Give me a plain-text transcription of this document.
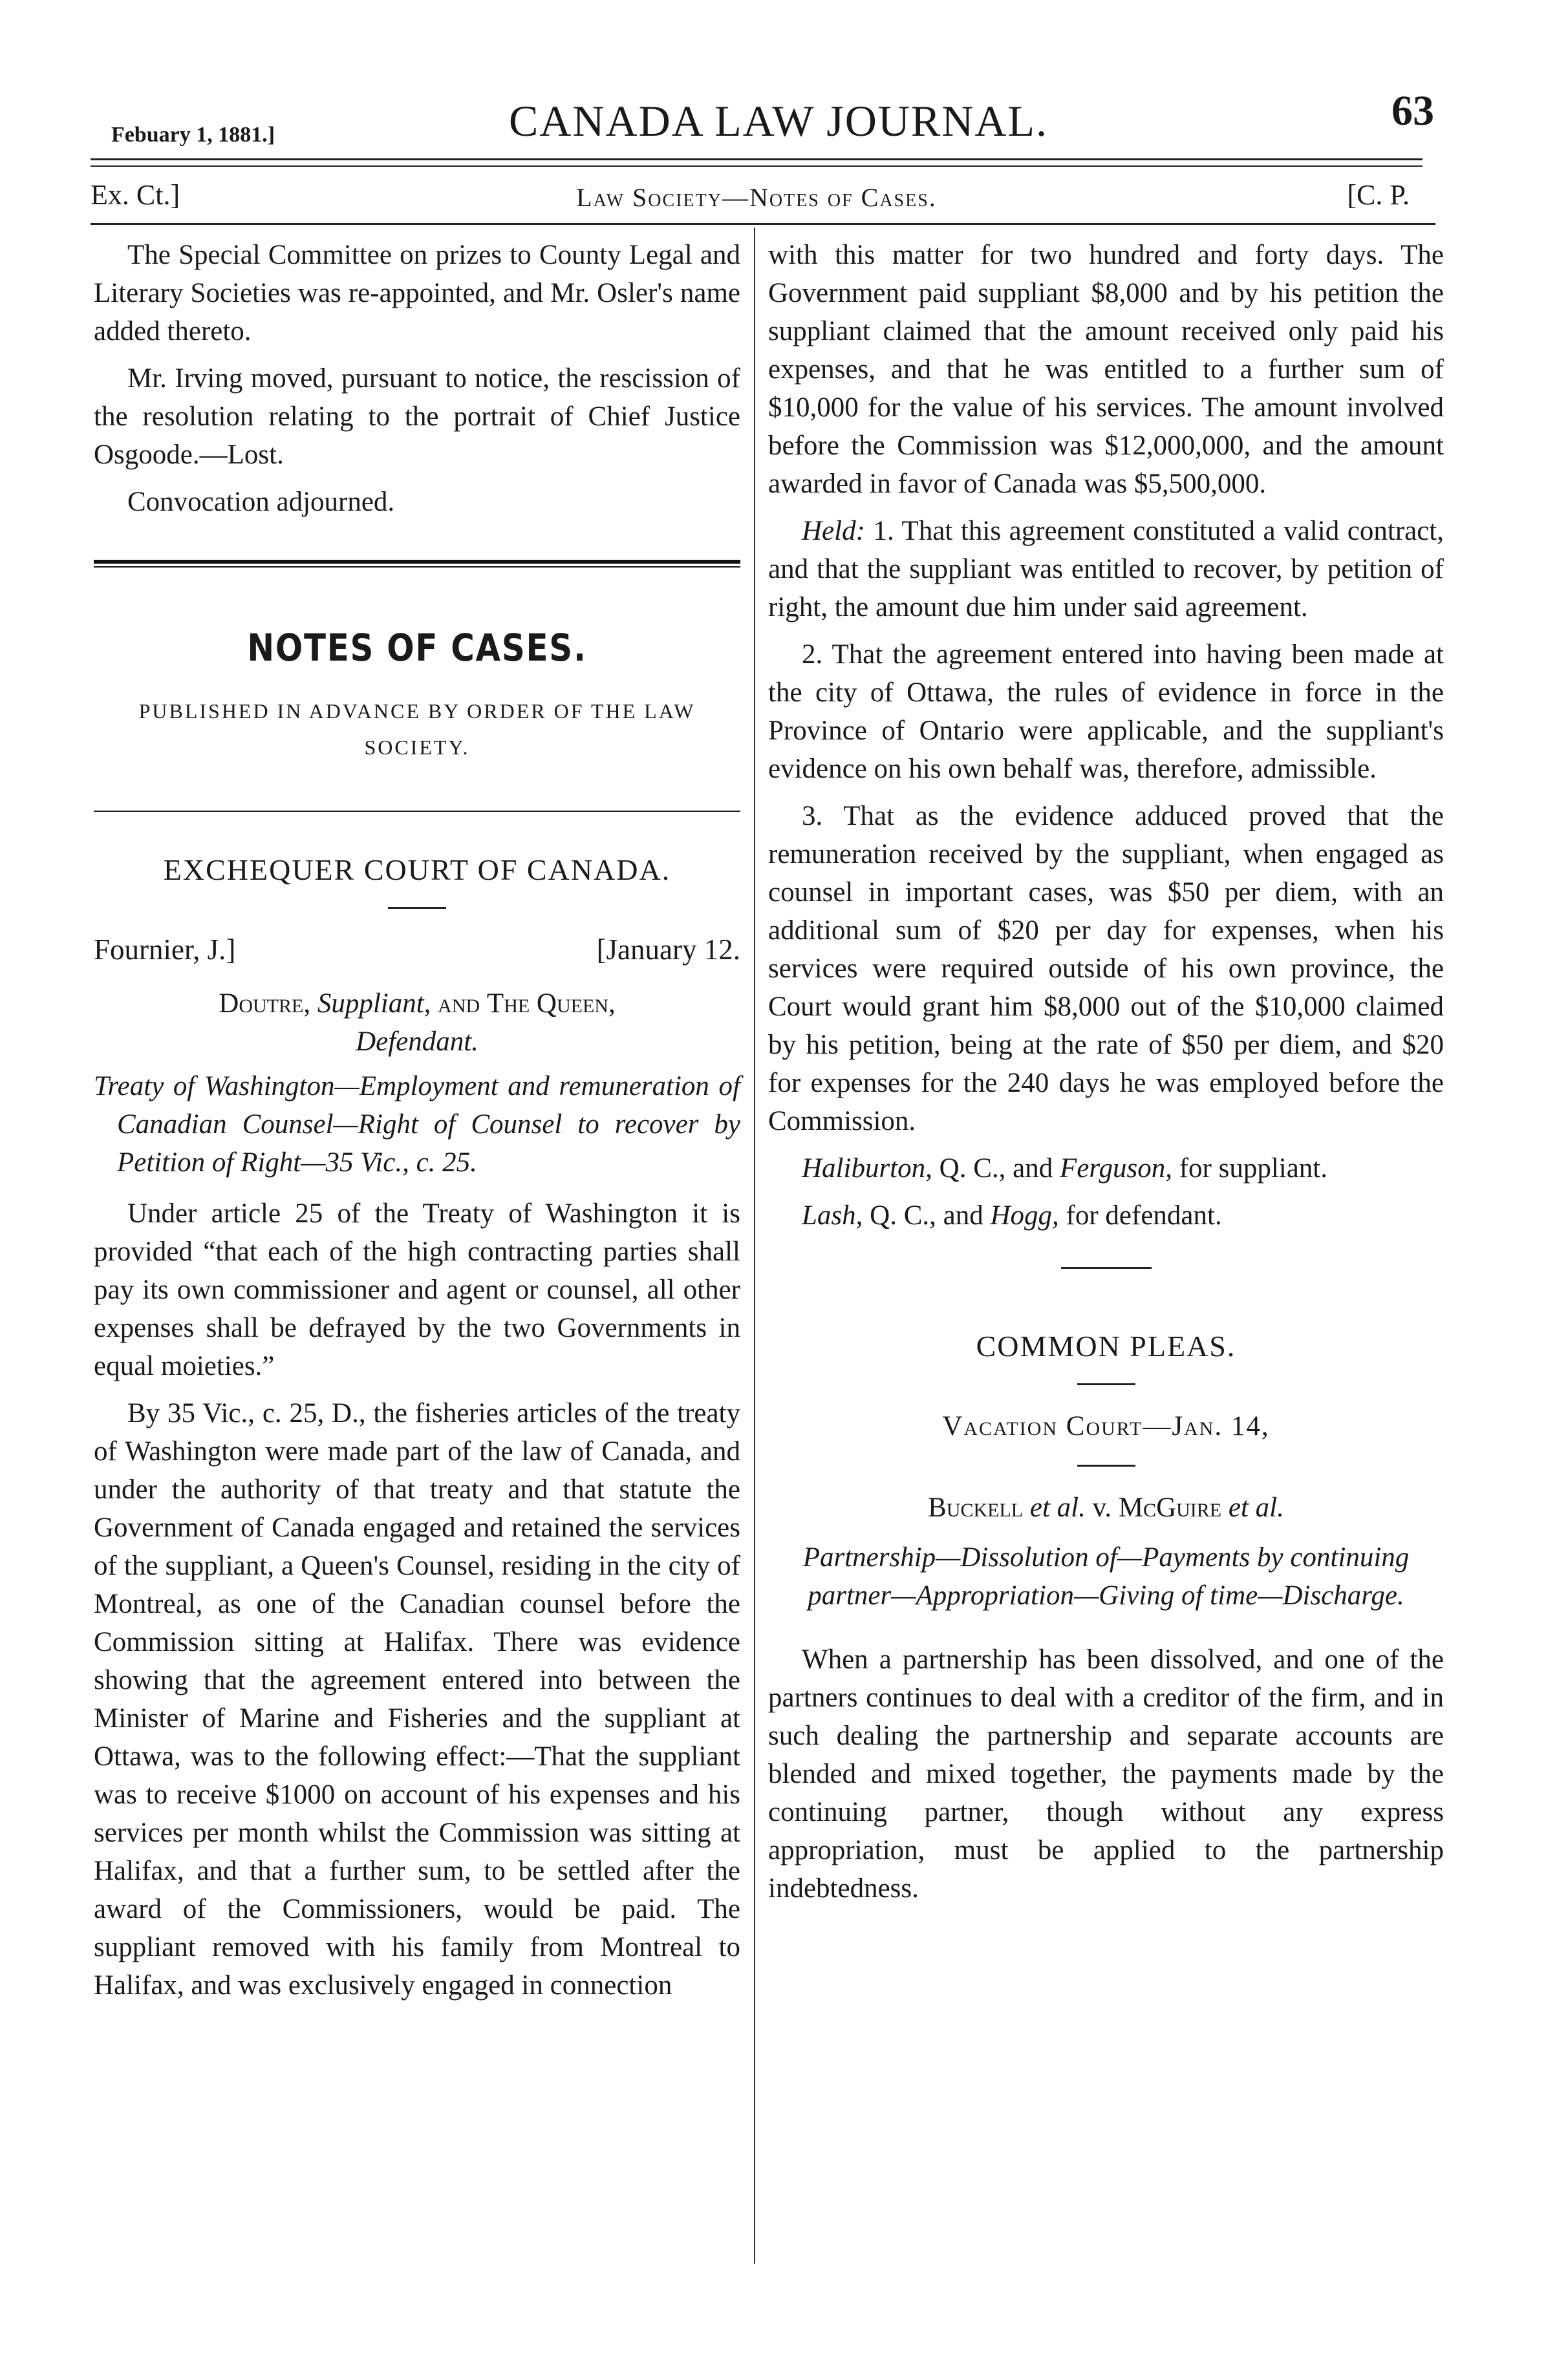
Febuary 1, 1881.]	CANADA LAW JOURNAL.	63
Ex. Ct.]	Law Society—Notes of Cases.	[C. P.

The Special Committee on prizes to County Legal and Literary Societies was re-appointed, and Mr. Osler's name added thereto.

Mr. Irving moved, pursuant to notice, the rescission of the resolution relating to the portrait of Chief Justice Osgoode.—Lost.

Convocation adjourned.

NOTES OF CASES.
PUBLISHED IN ADVANCE BY ORDER OF THE LAW SOCIETY.
EXCHEQUER COURT OF CANADA.
Fournier, J.]	[January 12.
Doutre, Suppliant, and The Queen,
Defendant.
Treaty of Washington—Employment and remuneration of Canadian Counsel—Right of Counsel to recover by Petition of Right—35 Vic., c. 25.

Under article 25 of the Treaty of Washington it is provided “that each of the high contracting parties shall pay its own commissioner and agent or counsel, all other expenses shall be defrayed by the two Governments in equal moieties.”

By 35 Vic., c. 25, D., the fisheries articles of the treaty of Washington were made part of the law of Canada, and under the authority of that treaty and that statute the Government of Canada engaged and retained the services of the suppliant, a Queen's Counsel, residing in the city of Montreal, as one of the Canadian counsel before the Commission sitting at Halifax. There was evidence showing that the agreement entered into between the Minister of Marine and Fisheries and the suppliant at Ottawa, was to the following effect:—That the suppliant was to receive $1000 on account of his expenses and his services per month whilst the Commission was sitting at Halifax, and that a further sum, to be settled after the award of the Commissioners, would be paid. The suppliant removed with his family from Montreal to Halifax, and was exclusively engaged in connection

with this matter for two hundred and forty days. The Government paid suppliant $8,000 and by his petition the suppliant claimed that the amount received only paid his expenses, and that he was entitled to a further sum of $10,000 for the value of his services. The amount involved before the Commission was $12,000,000, and the amount awarded in favor of Canada was $5,500,000.

Held: 1. That this agreement constituted a valid contract, and that the suppliant was entitled to recover, by petition of right, the amount due him under said agreement.

2. That the agreement entered into having been made at the city of Ottawa, the rules of evidence in force in the Province of Ontario were applicable, and the suppliant's evidence on his own behalf was, therefore, admissible.

3. That as the evidence adduced proved that the remuneration received by the suppliant, when engaged as counsel in important cases, was $50 per diem, with an additional sum of $20 per day for expenses, when his services were required outside of his own province, the Court would grant him $8,000 out of the $10,000 claimed by his petition, being at the rate of $50 per diem, and $20 for expenses for the 240 days he was employed before the Commission.

Haliburton, Q. C., and Ferguson, for suppliant.

Lash, Q. C., and Hogg, for defendant.

COMMON PLEAS.
Vacation Court—Jan. 14,
Buckell et al. v. McGuire et al.
Partnership—Dissolution of—Payments by continuing partner—Appropriation—Giving of time—Discharge.

When a partnership has been dissolved, and one of the partners continues to deal with a creditor of the firm, and in such dealing the partnership and separate accounts are blended and mixed together, the payments made by the continuing partner, though without any express appropriation, must be applied to the partnership indebtedness.
